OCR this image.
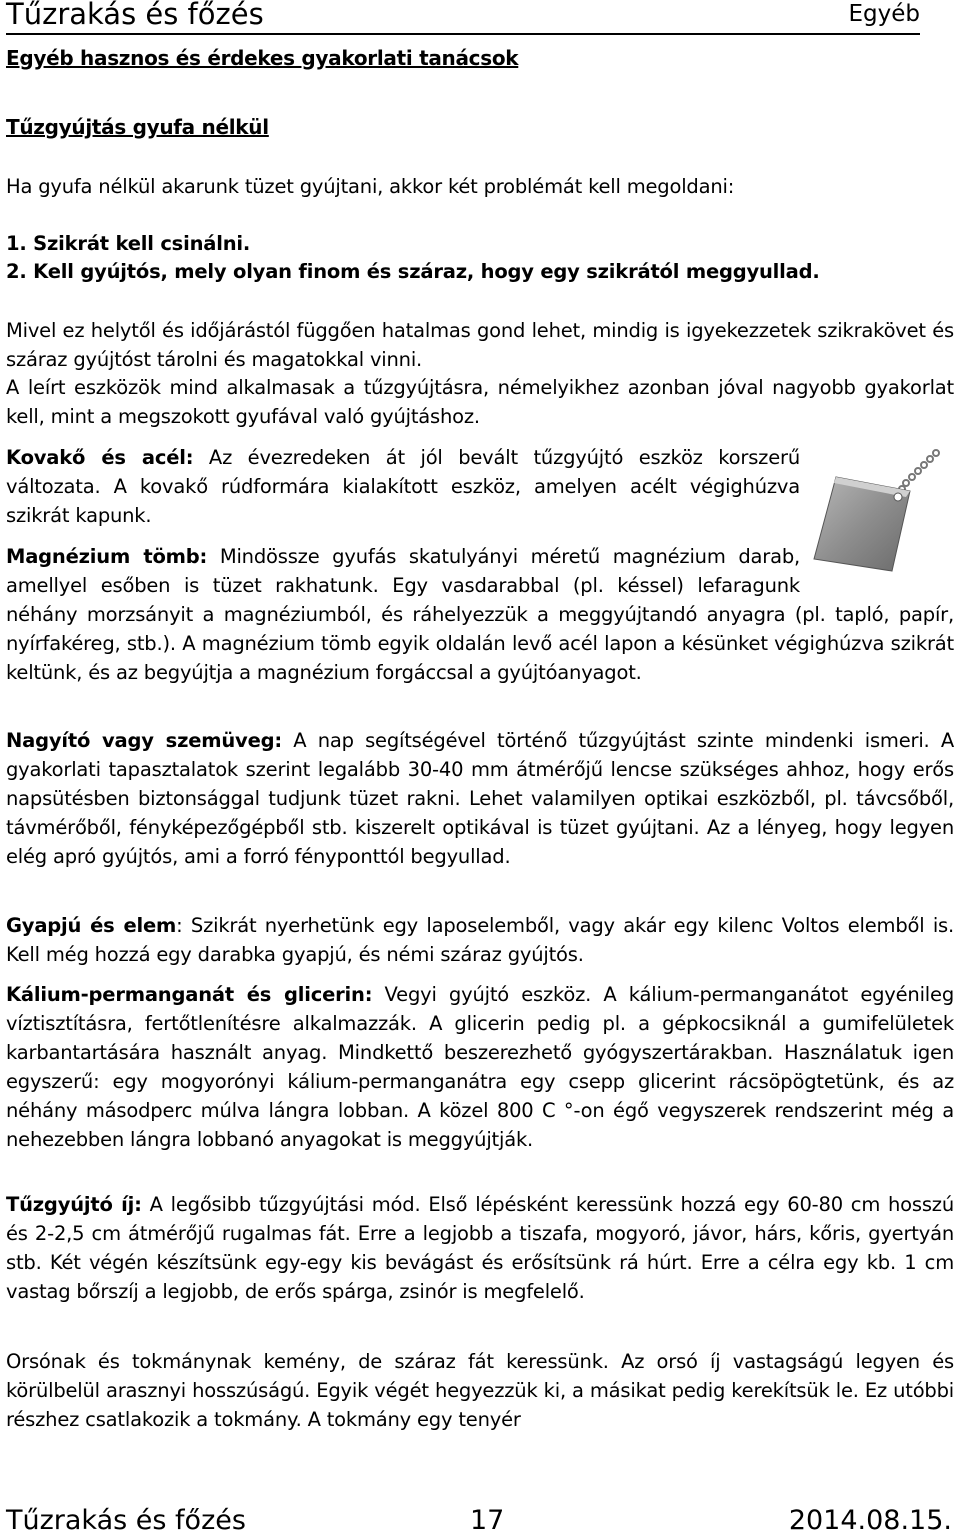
Tűzrakás és főzés	Egyéb
Egyéb hasznos és érdekes gyakorlati tanácsok
Tűzgyújtás gyufa nélkül
Ha gyufa nélkül akarunk tüzet gyújtani, akkor két problémát kell megoldani:
1. Szikrát kell csinálni.
2. Kell gyújtós, mely olyan finom és száraz, hogy egy szikrától meggyullad.
Mivel ez helytől és időjárástól függően hatalmas gond lehet, mindig is igyekezzetek szikrakövet és száraz gyújtóst tárolni és magatokkal vinni.
A leírt eszközök mind alkalmasak a tűzgyújtásra, némelyikhez azonban jóval nagyobb gyakorlat kell, mint a megszokott gyufával való gyújtáshoz.
Kovakő és acél: Az évezredeken át jól bevált tűzgyújtó eszköz korszerű változata. A kovakő rúdformára kialakított eszköz, amelyen acélt végighúzva szikrát kapunk.
Magnézium tömb: Mindössze gyufás skatulyányi méretű magnézium darab, amellyel esőben is tüzet rakhatunk. Egy vasdarabbal (pl. késsel) lefaragunk néhány morzsányit a magnéziumból, és ráhelyezzük a meggyújtandó anyagra (pl. tapló, papír, nyírfakéreg, stb.). A magnézium tömb egyik oldalán levő acél lapon a késünket végighúzva szikrát keltünk, és az begyújtja a magnézium forgáccsal a gyújtóanyagot.
Nagyító vagy szemüveg: A nap segítségével történő tűzgyújtást szinte mindenki ismeri. A gyakorlati tapasztalatok szerint legalább 30-40 mm átmérőjű lencse szükséges ahhoz, hogy erős napsütésben biztonsággal tudjunk tüzet rakni. Lehet valamilyen optikai eszközből, pl. távcsőből, távmérőből, fényképezőgépből stb. kiszerelt optikával is tüzet gyújtani. Az a lényeg, hogy legyen elég apró gyújtós, ami a forró fényponttól begyullad.
Gyapjú és elem: Szikrát nyerhetünk egy laposelemből, vagy akár egy kilenc Voltos elemből is. Kell még hozzá egy darabka gyapjú, és némi száraz gyújtós.
Kálium-permanganát és glicerin: Vegyi gyújtó eszköz. A kálium-permanganátot egyénileg víztisztításra, fertőtlenítésre alkalmazzák. A glicerin pedig pl. a gépkocsiknál a gumifelületek karbantartására használt anyag. Mindkettő beszerezhető gyógyszertárakban. Használatuk igen egyszerű: egy mogyorónyi kálium-permanganátra egy csepp glicerint rácsöpögtetünk, és az néhány másodperc múlva lángra lobban. A közel 800 C °-on égő vegyszerek rendszerint még a nehezebben lángra lobbanó anyagokat is meggyújtják.
Tűzgyújtó íj: A legősibb tűzgyújtási mód. Első lépésként keressünk hozzá egy 60-80 cm hosszú és 2-2,5 cm átmérőjű rugalmas fát. Erre a legjobb a tiszafa, mogyoró, jávor, hárs, kőris, gyertyán stb. Két végén készítsünk egy-egy kis bevágást és erősítsünk rá húrt. Erre a célra egy kb. 1 cm vastag bőrszíj a legjobb, de erős spárga, zsinór is megfelelő.
Orsónak és tokmánynak kemény, de száraz fát keressünk. Az orsó íj vastagságú legyen és körülbelül arasznyi hosszúságú. Egyik végét hegyezzük ki, a másikat pedig kerekítsük le. Ez utóbbi részhez csatlakozik a tokmány. A tokmány egy tenyér
Tűzrakás és főzés	17	2014.08.15.
